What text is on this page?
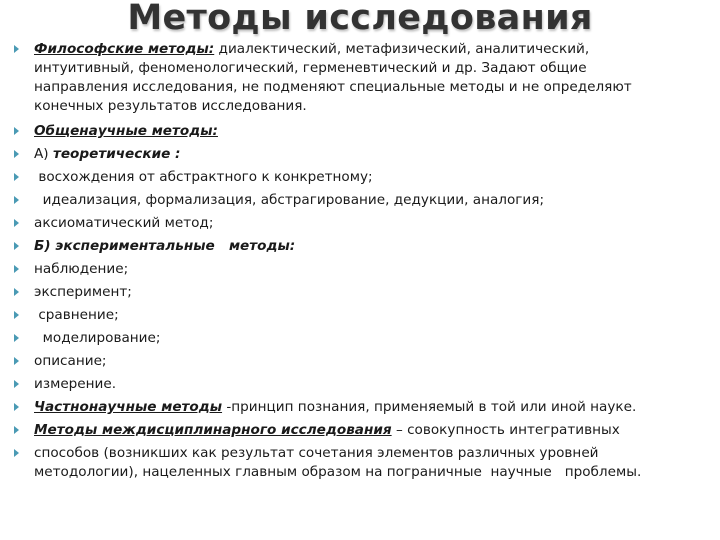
Методы исследования
Философские методы: диалектический, метафизический, аналитический,
интуитивный, феноменологический, герменевтический и др. Задают общие
направления исследования, не подменяют специальные методы и не определяют
конечных результатов исследования.
Общенаучные методы:
А) теоретические :
восхождения от абстрактного к конкретному;
идеализация, формализация, абстрагирование, дедукции, аналогия;
аксиоматический метод;
Б) экспериментальные   методы:
наблюдение;
эксперимент;
сравнение;
моделирование;
описание;
измерение.
Частнонаучные методы -принцип познания, применяемый в той или иной науке.
Методы междисциплинарного исследования – совокупность интегративных
способов (возникших как результат сочетания элементов различных уровней
методологии), нацеленных главным образом на пограничные  научные   проблемы.
